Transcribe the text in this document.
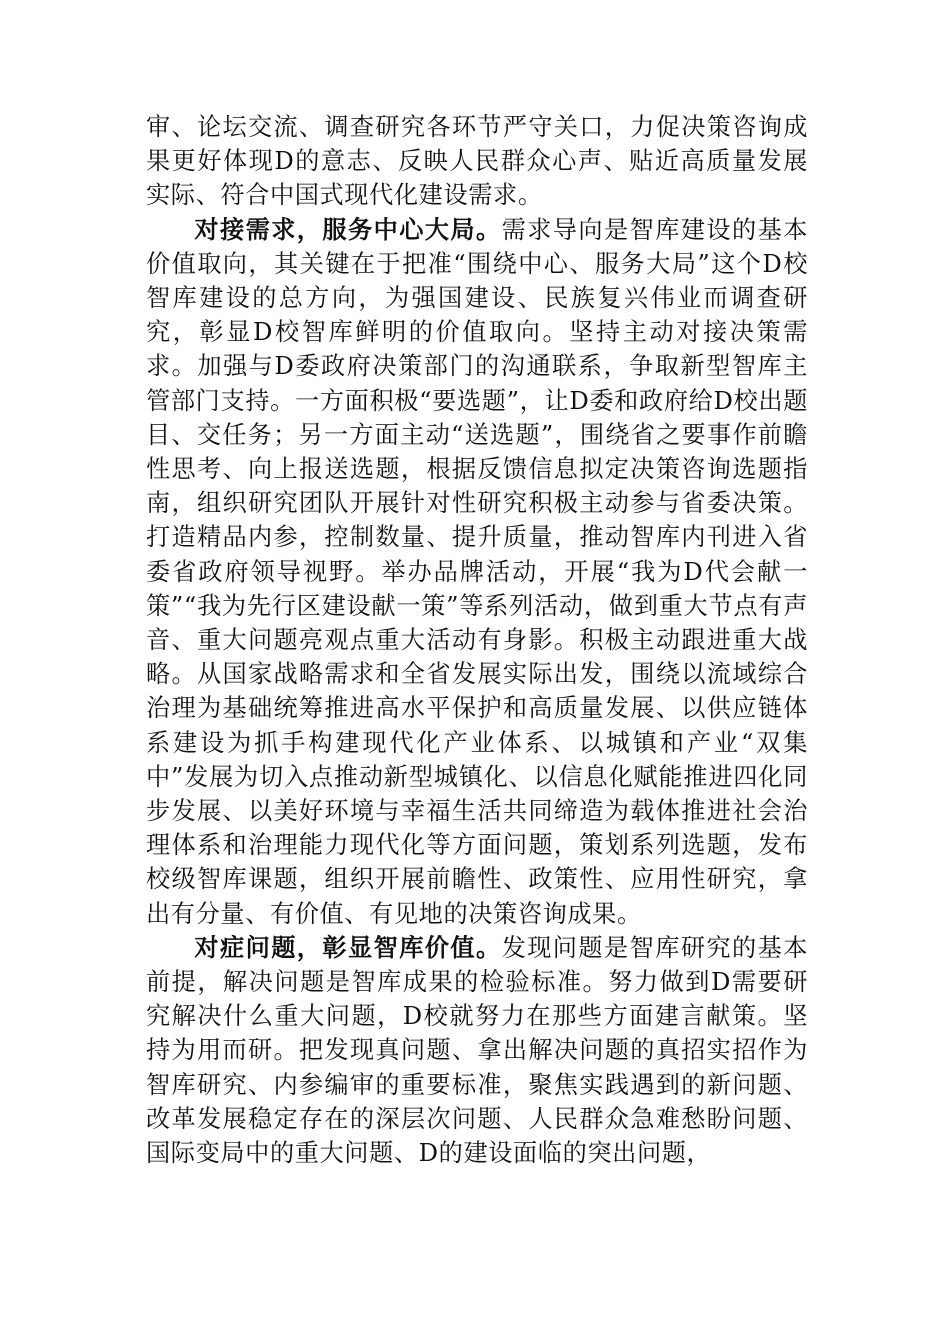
审、论坛交流、调查研究各环节严守关口，力促决策咨询成果更好体现D的意志、反映人民群众心声、贴近高质量发展实际、符合中国式现代化建设需求。

对接需求，服务中心大局。需求导向是智库建设的基本价值取向，其关键在于把准“围绕中心、服务大局”这个D校智库建设的总方向，为强国建设、民族复兴伟业而调查研究，彰显D校智库鲜明的价值取向。坚持主动对接决策需求。加强与D委政府决策部门的沟通联系，争取新型智库主管部门支持。一方面积极“要选题”，让D委和政府给D校出题目、交任务；另一方面主动“送选题”，围绕省之要事作前瞻性思考、向上报送选题，根据反馈信息拟定决策咨询选题指南，组织研究团队开展针对性研究积极主动参与省委决策。打造精品内参，控制数量、提升质量，推动智库内刊进入省委省政府领导视野。举办品牌活动，开展“我为D代会献一策”“我为先行区建设献一策”等系列活动，做到重大节点有声音、重大问题亮观点重大活动有身影。积极主动跟进重大战略。从国家战略需求和全省发展实际出发，围绕以流域综合治理为基础统筹推进高水平保护和高质量发展、以供应链体系建设为抓手构建现代化产业体系、以城镇和产业“双集中”发展为切入点推动新型城镇化、以信息化赋能推进四化同步发展、以美好环境与幸福生活共同缔造为载体推进社会治理体系和治理能力现代化等方面问题，策划系列选题，发布校级智库课题，组织开展前瞻性、政策性、应用性研究，拿出有分量、有价值、有见地的决策咨询成果。

对症问题，彰显智库价值。发现问题是智库研究的基本前提，解决问题是智库成果的检验标准。努力做到D需要研究解决什么重大问题，D校就努力在那些方面建言献策。坚持为用而研。把发现真问题、拿出解决问题的真招实招作为智库研究、内参编审的重要标准，聚焦实践遇到的新问题、改革发展稳定存在的深层次问题、人民群众急难愁盼问题、国际变局中的重大问题、D的建设面临的突出问题，
